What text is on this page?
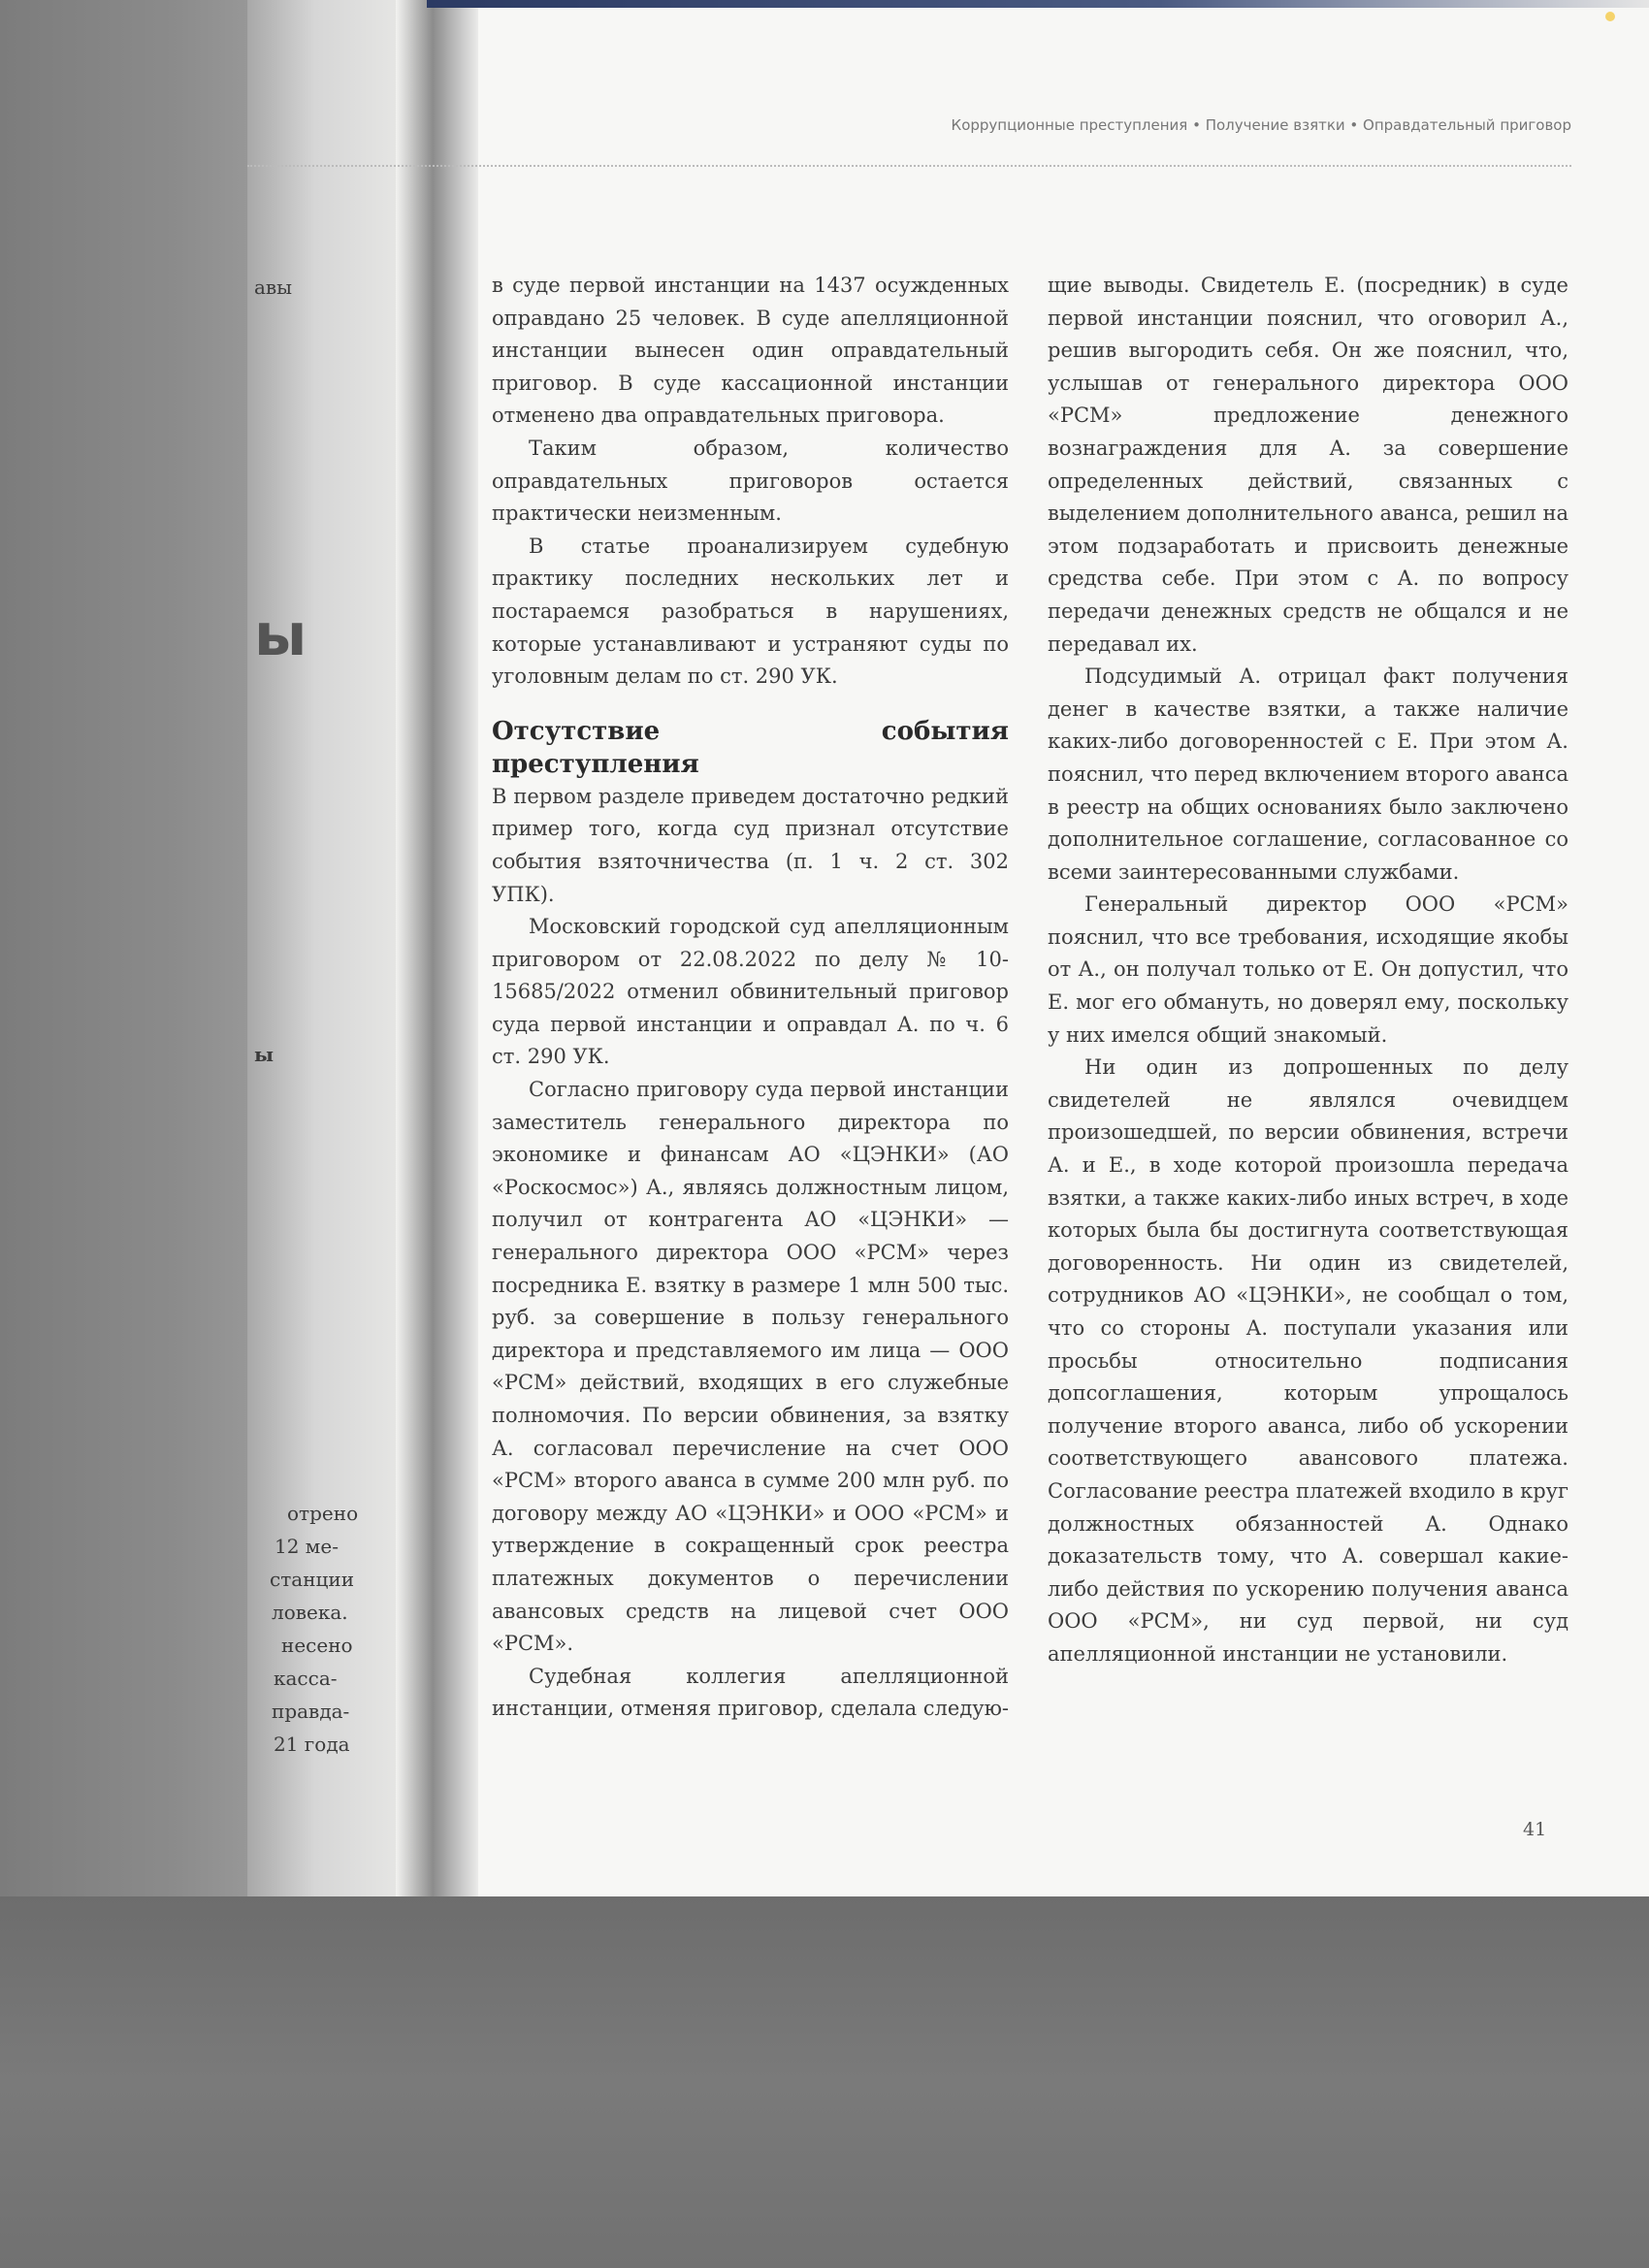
авы
ы
ы
отрено
12 ме-
станции
ловека.
несено
касса-
правда-
21 года
Коррупционные преступления • Получение взятки • Оправдательный приговор

в суде первой инстанции на 1437 осужденных оправдано 25 человек. В суде апелляционной инстанции вынесен один оправдательный приговор. В суде кассационной инстанции отменено два оправдательных приговора.

Таким образом, количество оправдательных приговоров остается практически неизменным.

В статье проанализируем судебную практику последних нескольких лет и постараемся разобраться в нарушениях, которые устанавливают и устраняют суды по уголовным делам по ст. 290 УК.

Отсутствие события преступления

В первом разделе приведем достаточно редкий пример того, когда суд признал отсутствие события взяточничества (п. 1 ч. 2 ст. 302 УПК).

Московский городской суд апелляционным приговором от 22.08.2022 по делу № 10-15685/2022 отменил обвинительный приговор суда первой инстанции и оправдал А. по ч. 6 ст. 290 УК.

Согласно приговору суда первой инстанции заместитель генерального директора по экономике и финансам АО «ЦЭНКИ» (АО «Роскосмос») А., являясь должностным лицом, получил от контрагента АО «ЦЭНКИ» — генерального директора ООО «РСМ» через посредника Е. взятку в размере 1 млн 500 тыс. руб. за совершение в пользу генерального директора и представляемого им лица — ООО «РСМ» действий, входящих в его служебные полномочия. По версии обвинения, за взятку А. согласовал перечисление на счет ООО «РСМ» второго аванса в сумме 200 млн руб. по договору между АО «ЦЭНКИ» и ООО «РСМ» и утверждение в сокращенный срок реестра платежных документов о перечислении авансовых средств на лицевой счет ООО «РСМ».

Судебная коллегия апелляционной инстанции, отменяя приговор, сделала следую-

щие выводы. Свидетель Е. (посредник) в суде первой инстанции пояснил, что оговорил А., решив выгородить себя. Он же пояснил, что, услышав от генерального директора ООО «РСМ» предложение денежного вознаграждения для А. за совершение определенных действий, связанных с выделением дополнительного аванса, решил на этом подзаработать и присвоить денежные средства себе. При этом с А. по вопросу передачи денежных средств не общался и не передавал их.

Подсудимый А. отрицал факт получения денег в качестве взятки, а также наличие каких-либо договоренностей с Е. При этом А. пояснил, что перед включением второго аванса в реестр на общих основаниях было заключено дополнительное соглашение, согласованное со всеми заинтересованными службами.

Генеральный директор ООО «РСМ» пояснил, что все требования, исходящие якобы от А., он получал только от Е. Он допустил, что Е. мог его обмануть, но доверял ему, поскольку у них имелся общий знакомый.

Ни один из допрошенных по делу свидетелей не являлся очевидцем произошедшей, по версии обвинения, встречи А. и Е., в ходе которой произошла передача взятки, а также каких-либо иных встреч, в ходе которых была бы достигнута соответствующая договоренность. Ни один из свидетелей, сотрудников АО «ЦЭНКИ», не сообщал о том, что со стороны А. поступали указания или просьбы относительно подписания допсоглашения, которым упрощалось получение второго аванса, либо об ускорении соответствующего авансового платежа. Согласование реестра платежей входило в круг должностных обязанностей А. Однако доказательств тому, что А. совершал какие-либо действия по ускорению получения аванса ООО «РСМ», ни суд первой, ни суд апелляционной инстанции не установили.

41
